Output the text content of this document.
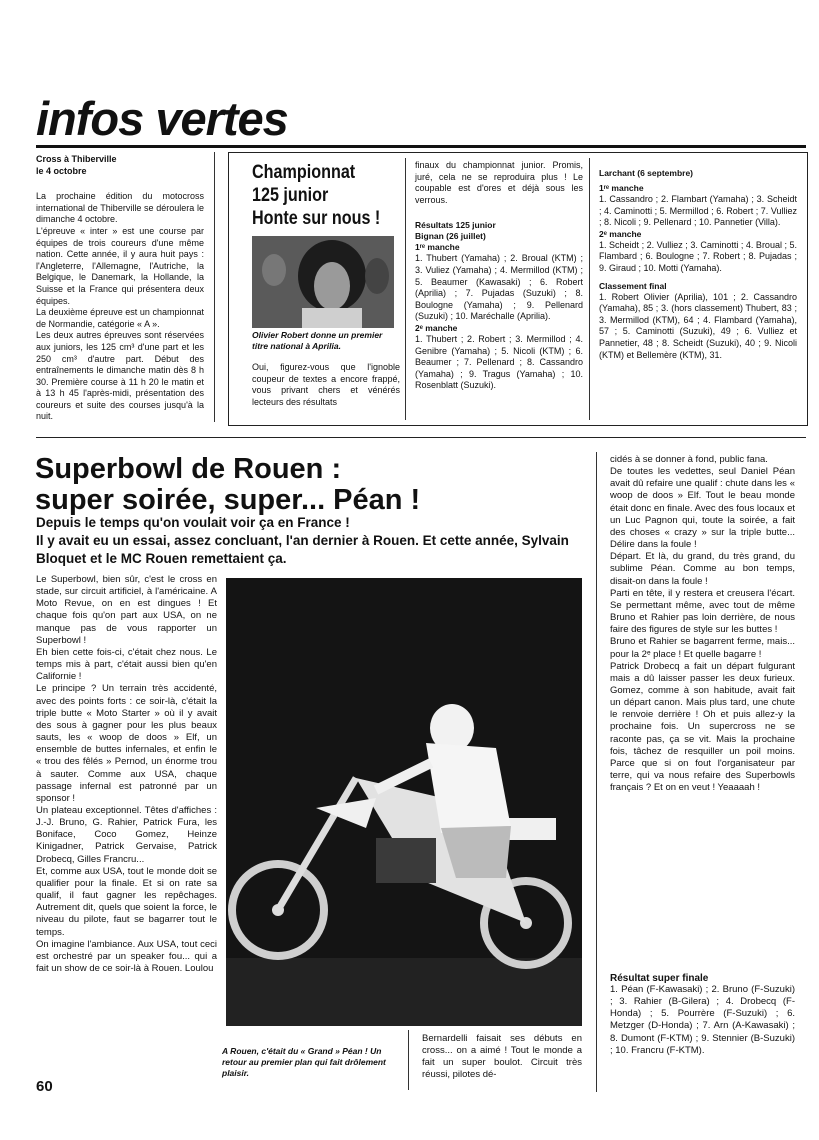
infos vertes
Cross à Thiberville
le 4 octobre

La prochaine édition du motocross international de Thiberville se déroulera le dimanche 4 octobre.

L'épreuve « inter » est une course par équipes de trois coureurs d'une même nation. Cette année, il y aura huit pays : l'Angleterre, l'Allemagne, l'Autriche, la Belgique, le Danemark, la Hollande, la Suisse et la France qui présentera deux équipes.

La deuxième épreuve est un championnat de Normandie, catégorie « A ».

Les deux autres épreuves sont réservées aux juniors, les 125 cm³ d'une part et les 250 cm³ d'autre part. Début des entraînements le dimanche matin dès 8 h 30. Première course à 11 h 20 le matin et à 13 h 45 l'après-midi, présentation des coureurs et suite des courses jusqu'à la nuit.

Championnat
125 junior
Honte sur nous !
Olivier Robert donne un premier titre national à Aprilia.

Oui, figurez-vous que l'ignoble coupeur de textes a encore frappé, vous privant chers et vénérés lecteurs des résultats

finaux du championnat junior. Promis, juré, cela ne se reproduira plus ! Le coupable est d'ores et déjà sous les verrous.

Résultats 125 junior
Bignan (26 juillet)
1ʳᵉ manche

1. Thubert (Yamaha) ; 2. Broual (KTM) ; 3. Vuliez (Yamaha) ; 4. Mermillod (KTM) ; 5. Beaumer (Kawasaki) ; 6. Robert (Aprilia) ; 7. Pujadas (Suzuki) ; 8. Boulogne (Yamaha) ; 9. Pellenard (Suzuki) ; 10. Maréchalle (Aprilia).

2ᵉ manche

1. Thubert ; 2. Robert ; 3. Mermillod ; 4. Genibre (Yamaha) ; 5. Nicoli (KTM) ; 6. Beaumer ; 7. Pellenard ; 8. Cassandro (Yamaha) ; 9. Tragus (Yamaha) ; 10. Rosenblatt (Suzuki).

Larchant (6 septembre)
1ʳᵉ manche

1. Cassandro ; 2. Flambart (Yamaha) ; 3. Scheidt ; 4. Caminotti ; 5. Mermillod ; 6. Robert ; 7. Vulliez ; 8. Nicoli ; 9. Pellenard ; 10. Pannetier (Villa).

2ᵉ manche

1. Scheidt ; 2. Vulliez ; 3. Caminotti ; 4. Broual ; 5. Flambard ; 6. Boulogne ; 7. Robert ; 8. Pujadas ; 9. Giraud ; 10. Motti (Yamaha).

Classement final

1. Robert Olivier (Aprilia), 101 ; 2. Cassandro (Yamaha), 85 ; 3. (hors classement) Thubert, 83 ; 3. Mermillod (KTM), 64 ; 4. Flambard (Yamaha), 57 ; 5. Caminotti (Suzuki), 49 ; 6. Vulliez et Pannetier, 48 ; 8. Scheidt (Suzuki), 40 ; 9. Nicoli (KTM) et Bellemère (KTM), 31.

Superbowl de Rouen :
super soirée, super... Péan !
Depuis le temps qu'on voulait voir ça en France !
Il y avait eu un essai, assez concluant, l'an dernier à Rouen. Et cette année, Sylvain Bloquet et le MC Rouen remettaient ça.

Le Superbowl, bien sûr, c'est le cross en stade, sur circuit artificiel, à l'américaine. A Moto Revue, on en est dingues ! Et chaque fois qu'on part aux USA, on ne manque pas de vous rapporter un Superbowl !

Eh bien cette fois-ci, c'était chez nous. Le temps mis à part, c'était aussi bien qu'en Californie !

Le principe ? Un terrain très accidenté, avec des points forts : ce soir-là, c'était la triple butte « Moto Starter » où il y avait des sous à gagner pour les plus beaux sauts, les « woop de doos » Elf, un ensemble de buttes infernales, et enfin le « trou des fêlés » Pernod, un énorme trou à sauter. Comme aux USA, chaque passage infernal est patronné par un sponsor !

Un plateau exceptionnel. Têtes d'affiches : J.-J. Bruno, G. Rahier, Patrick Fura, les Boniface, Coco Gomez, Heinze Kinigadner, Patrick Gervaise, Patrick Drobecq, Gilles Francru...

Et, comme aux USA, tout le monde doit se qualifier pour la finale. Et si on rate sa qualif, il faut gagner les repêchages. Autrement dit, quels que soient la force, le niveau du pilote, faut se bagarrer tout le temps.

On imagine l'ambiance. Aux USA, tout ceci est orchestré par un speaker fou... qui a fait un show de ce soir-là à Rouen. Loulou

A Rouen, c'était du « Grand » Péan ! Un retour au premier plan qui fait drôlement plaisir.

Bernardelli faisait ses débuts en cross... on a aimé ! Tout le monde a fait un super boulot. Circuit très réussi, pilotes dé-

cidés à se donner à fond, public fana.

De toutes les vedettes, seul Daniel Péan avait dû refaire une qualif : chute dans les « woop de doos » Elf. Tout le beau monde était donc en finale. Avec des fous locaux et un Luc Pagnon qui, toute la soirée, a fait des choses « crazy » sur la triple butte... Délire dans la foule !

Départ. Et là, du grand, du très grand, du sublime Péan. Comme au bon temps, disait-on dans la foule !

Parti en tête, il y restera et creusera l'écart. Se permettant même, avec tout de même Bruno et Rahier pas loin derrière, de nous faire des figures de style sur les buttes !

Bruno et Rahier se bagarrent ferme, mais... pour la 2ᵉ place ! Et quelle bagarre !

Patrick Drobecq a fait un départ fulgurant mais a dû laisser passer les deux furieux. Gomez, comme à son habitude, avait fait un départ canon. Mais plus tard, une chute le renvoie derrière ! Oh et puis allez-y la prochaine fois. Un supercross ne se raconte pas, ça se vit. Mais la prochaine fois, tâchez de resquiller un poil moins. Parce que si on fout l'organisateur par terre, qui va nous refaire des Superbowls français ? Et on en veut ! Yeaaaah !

Résultat super finale

1. Péan (F-Kawasaki) ; 2. Bruno (F-Suzuki) ; 3. Rahier (B-Gilera) ; 4. Drobecq (F-Honda) ; 5. Pourrère (F-Suzuki) ; 6. Metzger (D-Honda) ; 7. Arn (A-Kawasaki) ; 8. Dumont (F-KTM) ; 9. Stennier (B-Suzuki) ; 10. Francru (F-KTM).

60
